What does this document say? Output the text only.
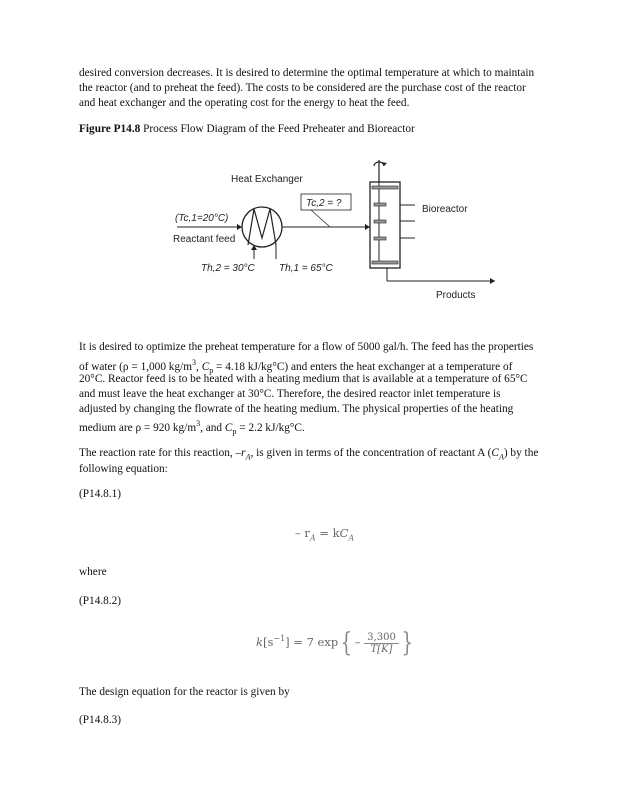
desired conversion decreases. It is desired to determine the optimal temperature at which to maintain

the reactor (and to preheat the feed). The costs to be considered are the purchase cost of the reactor

and heat exchanger and the operating cost for the energy to heat the feed.

Figure P14.8 Process Flow Diagram of the Feed Preheater and Bioreactor

Bioreactor
Heat Exchanger
(Tc,1=20°C)
Reactant feed
Tc,2 = ?
Th,2 = 30°C Th,1 = 65°C
Products

It is desired to optimize the preheat temperature for a flow of 5000 gal/h. The feed has the properties

of water (ρ = 1,000 $kg/m^3$, $C_p = 4.18$ kJ/kg°C) and enters the heat exchanger at a temperature of

20°C. Reactor feed is to be heated with a heating medium that is available at a temperature of 65°C

and must leave the heat exchanger at 30°C. Therefore, the desired reactor inlet temperature is

adjusted by changing the flowrate of the heating medium. The physical properties of the heating

medium are ρ = 920 $kg/m^3$, and $C_p = 2.2$ kJ/kg°C.

The reaction rate for this reaction, $-r_A$, is given in terms of the concentration of reactant A $(C_A)$ by the

following equation:

(P14.8.1)

– $r_A = kC_A$

where

(P14.8.2)

$k[s^{-1}] = 7$ $\exp\{ - \frac{3,300}{T[K]}$ }

The design equation for the reactor is given by

(P14.8.3)
